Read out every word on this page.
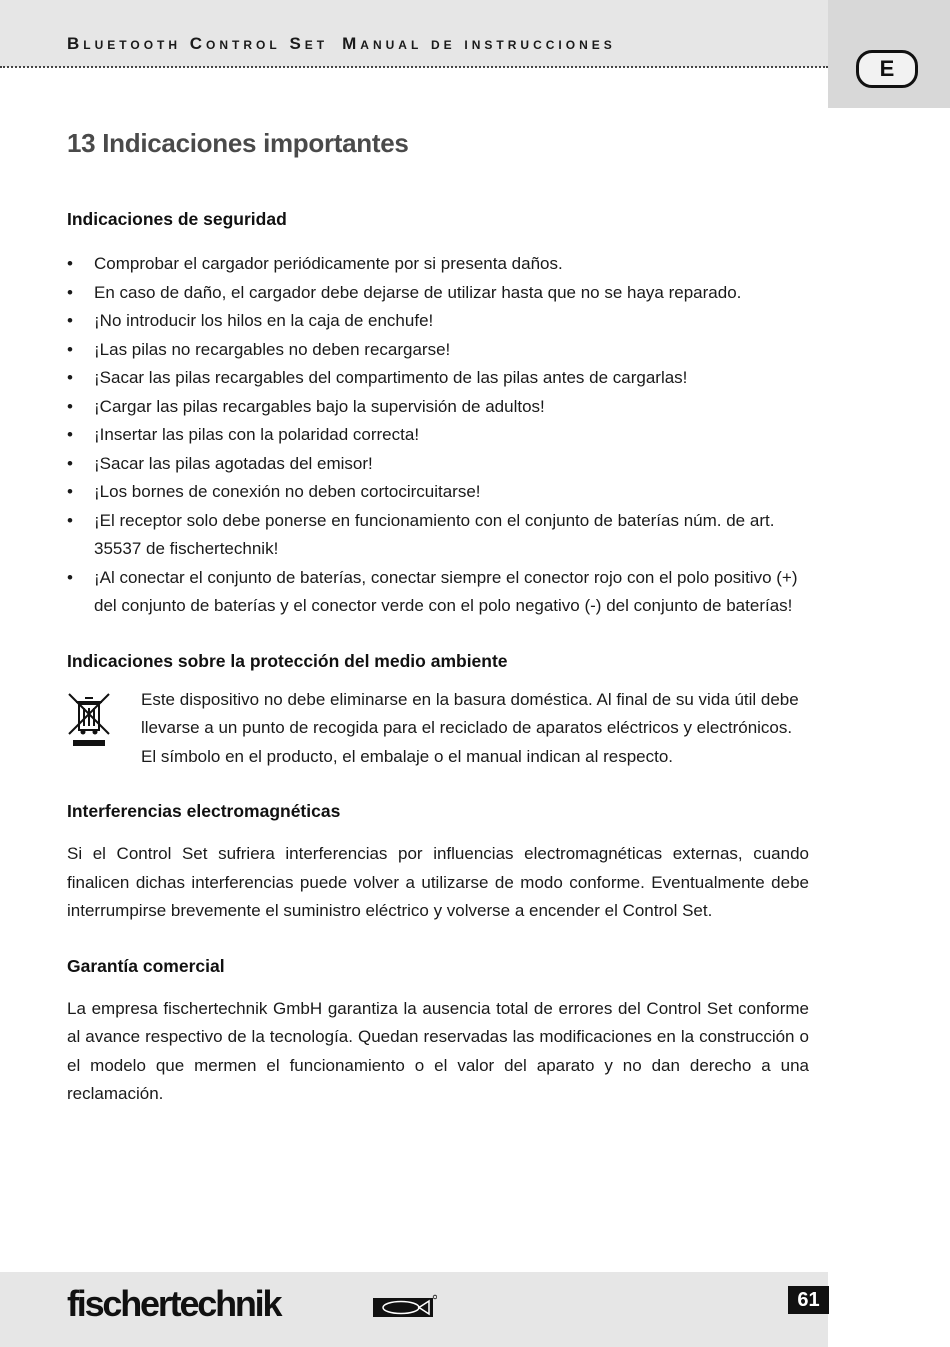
Bluetooth Control Set Manual de instrucciones
E
13 Indicaciones importantes
Indicaciones de seguridad
• Comprobar el cargador periódicamente por si presenta daños.
• En caso de daño, el cargador debe dejarse de utilizar hasta que no se haya reparado.
• ¡No introducir los hilos en la caja de enchufe!
• ¡Las pilas no recargables no deben recargarse!
• ¡Sacar las pilas recargables del compartimento de las pilas antes de cargarlas!
• ¡Cargar las pilas recargables bajo la supervisión de adultos!
• ¡Insertar las pilas con la polaridad correcta!
• ¡Sacar las pilas agotadas del emisor!
• ¡Los bornes de conexión no deben cortocircuitarse!
• ¡El receptor solo debe ponerse en funcionamiento con el conjunto de baterías núm. de art. 35537 de fischertechnik!
• ¡Al conectar el conjunto de baterías, conectar siempre el conector rojo con el polo positivo (+) del conjunto de baterías y el conector verde con el polo negativo (-) del conjunto de baterías!
Indicaciones sobre la protección del medio ambiente
Este dispositivo no debe eliminarse en la basura doméstica. Al final de su vida útil debe llevarse a un punto de recogida para el reciclado de aparatos eléctricos y electrónicos. El símbolo en el producto, el embalaje o el manual indican al respecto.
Interferencias electromagnéticas

Si el Control Set sufriera interferencias por influencias electromagnéticas externas, cuando finalicen dichas interferencias puede volver a utilizarse de modo conforme. Eventualmente debe interrumpirse brevemente el suministro eléctrico y volverse a encender el Control Set.

Garantía comercial

La empresa fischertechnik GmbH garantiza la ausencia total de errores del Control Set conforme al avance respectivo de la tecnología. Quedan reservadas las modificaciones en la construcción o el modelo que mermen el funcionamiento o el valor del aparato y no dan derecho a una reclamación.

fischertechnik	61
